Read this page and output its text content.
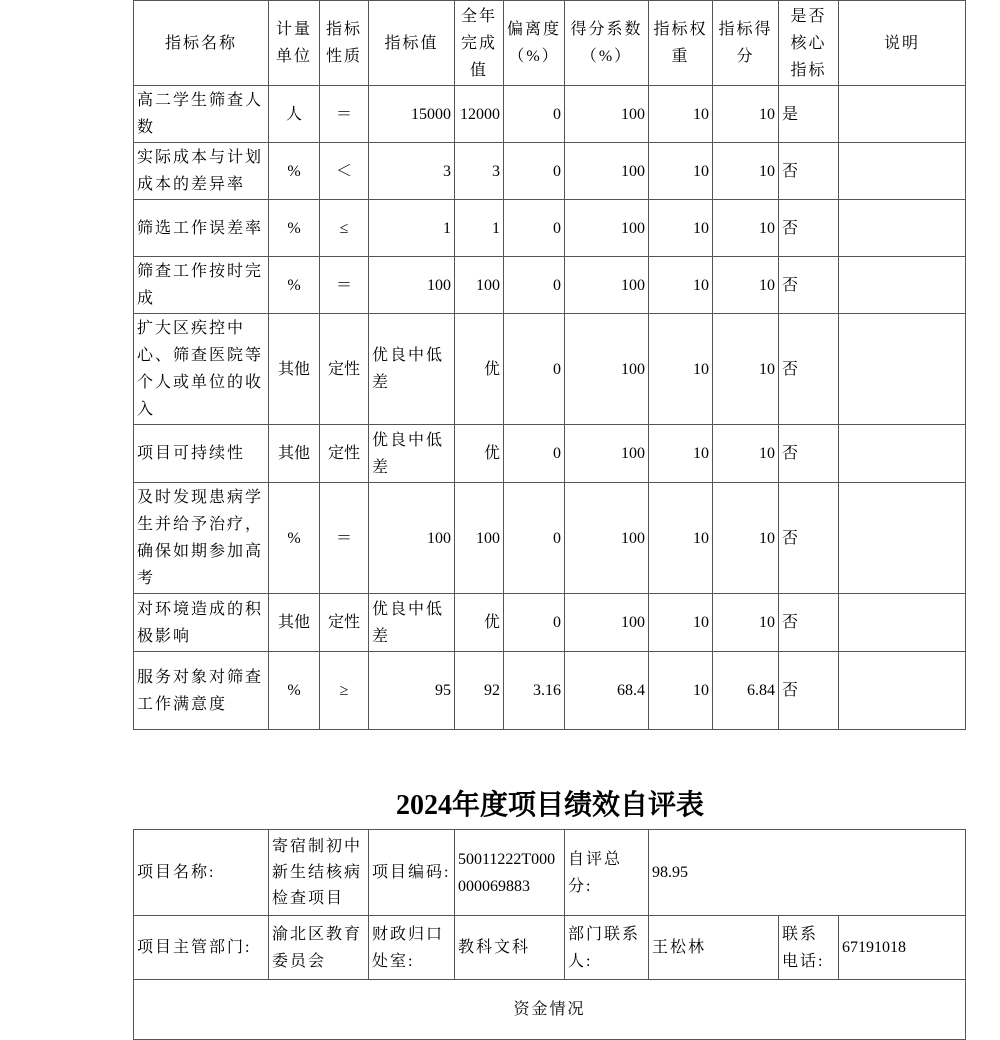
指标名称	计量单位	指标性质	指标值	全年完成值	偏离度（%）	得分系数（%）	指标权重	指标得分	是否核心指标	说明
高二学生筛查人数	人	＝	15000	12000	0	100	10	10	是	
实际成本与计划成本的差异率	%	＜	3	3	0	100	10	10	否	
筛选工作误差率	%	≤	1	1	0	100	10	10	否	
筛查工作按时完成	%	＝	100	100	0	100	10	10	否	
扩大区疾控中心、筛查医院等个人或单位的收入	其他	定性	优良中低差	优	0	100	10	10	否	
项目可持续性	其他	定性	优良中低差	优	0	100	10	10	否	
及时发现患病学生并给予治疗，确保如期参加高考	%	＝	100	100	0	100	10	10	否	
对环境造成的积极影响	其他	定性	优良中低差	优	0	100	10	10	否	
服务对象对筛查工作满意度	%	≥	95	92	3.16	68.4	10	6.84	否	
2024年度项目绩效自评表
项目名称:	寄宿制初中新生结核病检查项目	项目编码:	50011222T000000069883	自评总分:	98.95		
项目主管部门:	渝北区教育委员会	财政归口处室:	教科文科	部门联系人:	王松林	联系电话:	67191018
资金情况							
